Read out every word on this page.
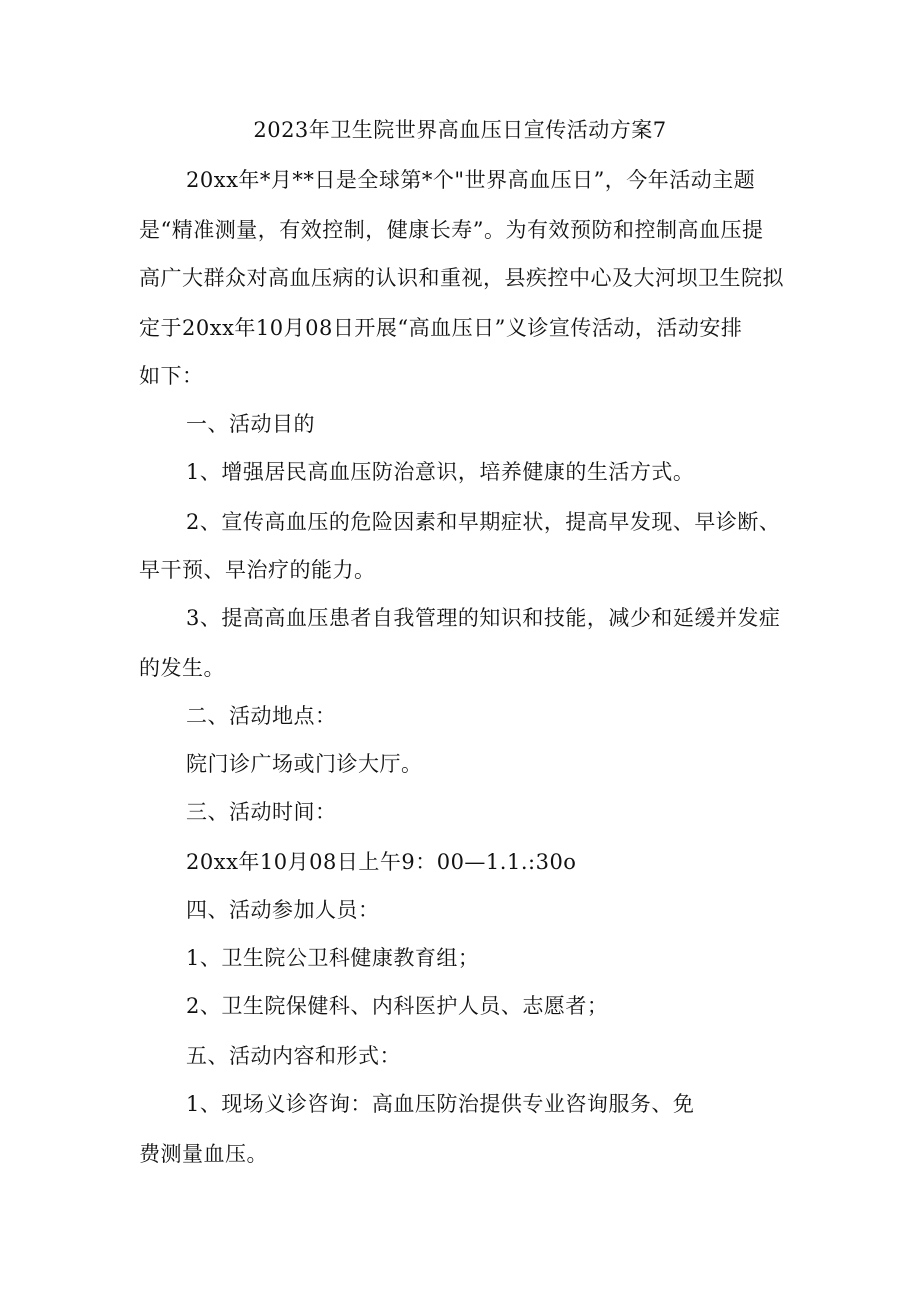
2023年卫生院世界高血压日宣传活动方案7
20xx年*月**日是全球第*个"世界高血压日”，今年活动主题
是“精准测量，有效控制，健康长寿”。为有效预防和控制高血压提
高广大群众对高血压病的认识和重视，县疾控中心及大河坝卫生院拟
定于20xx年10月08日开展“高血压日”义诊宣传活动，活动安排
如下：
一、活动目的
1、增强居民高血压防治意识，培养健康的生活方式。
2、宣传高血压的危险因素和早期症状，提高早发现、早诊断、
早干预、早治疗的能力。
3、提高高血压患者自我管理的知识和技能，减少和延缓并发症
的发生。
二、活动地点：
院门诊广场或门诊大厅。
三、活动时间：
20xx年10月08日上午9：00—1.1.:30o
四、活动参加人员：
1、卫生院公卫科健康教育组；
2、卫生院保健科、内科医护人员、志愿者；
五、活动内容和形式：
1、现场义诊咨询：高血压防治提供专业咨询服务、免
费测量血压。
